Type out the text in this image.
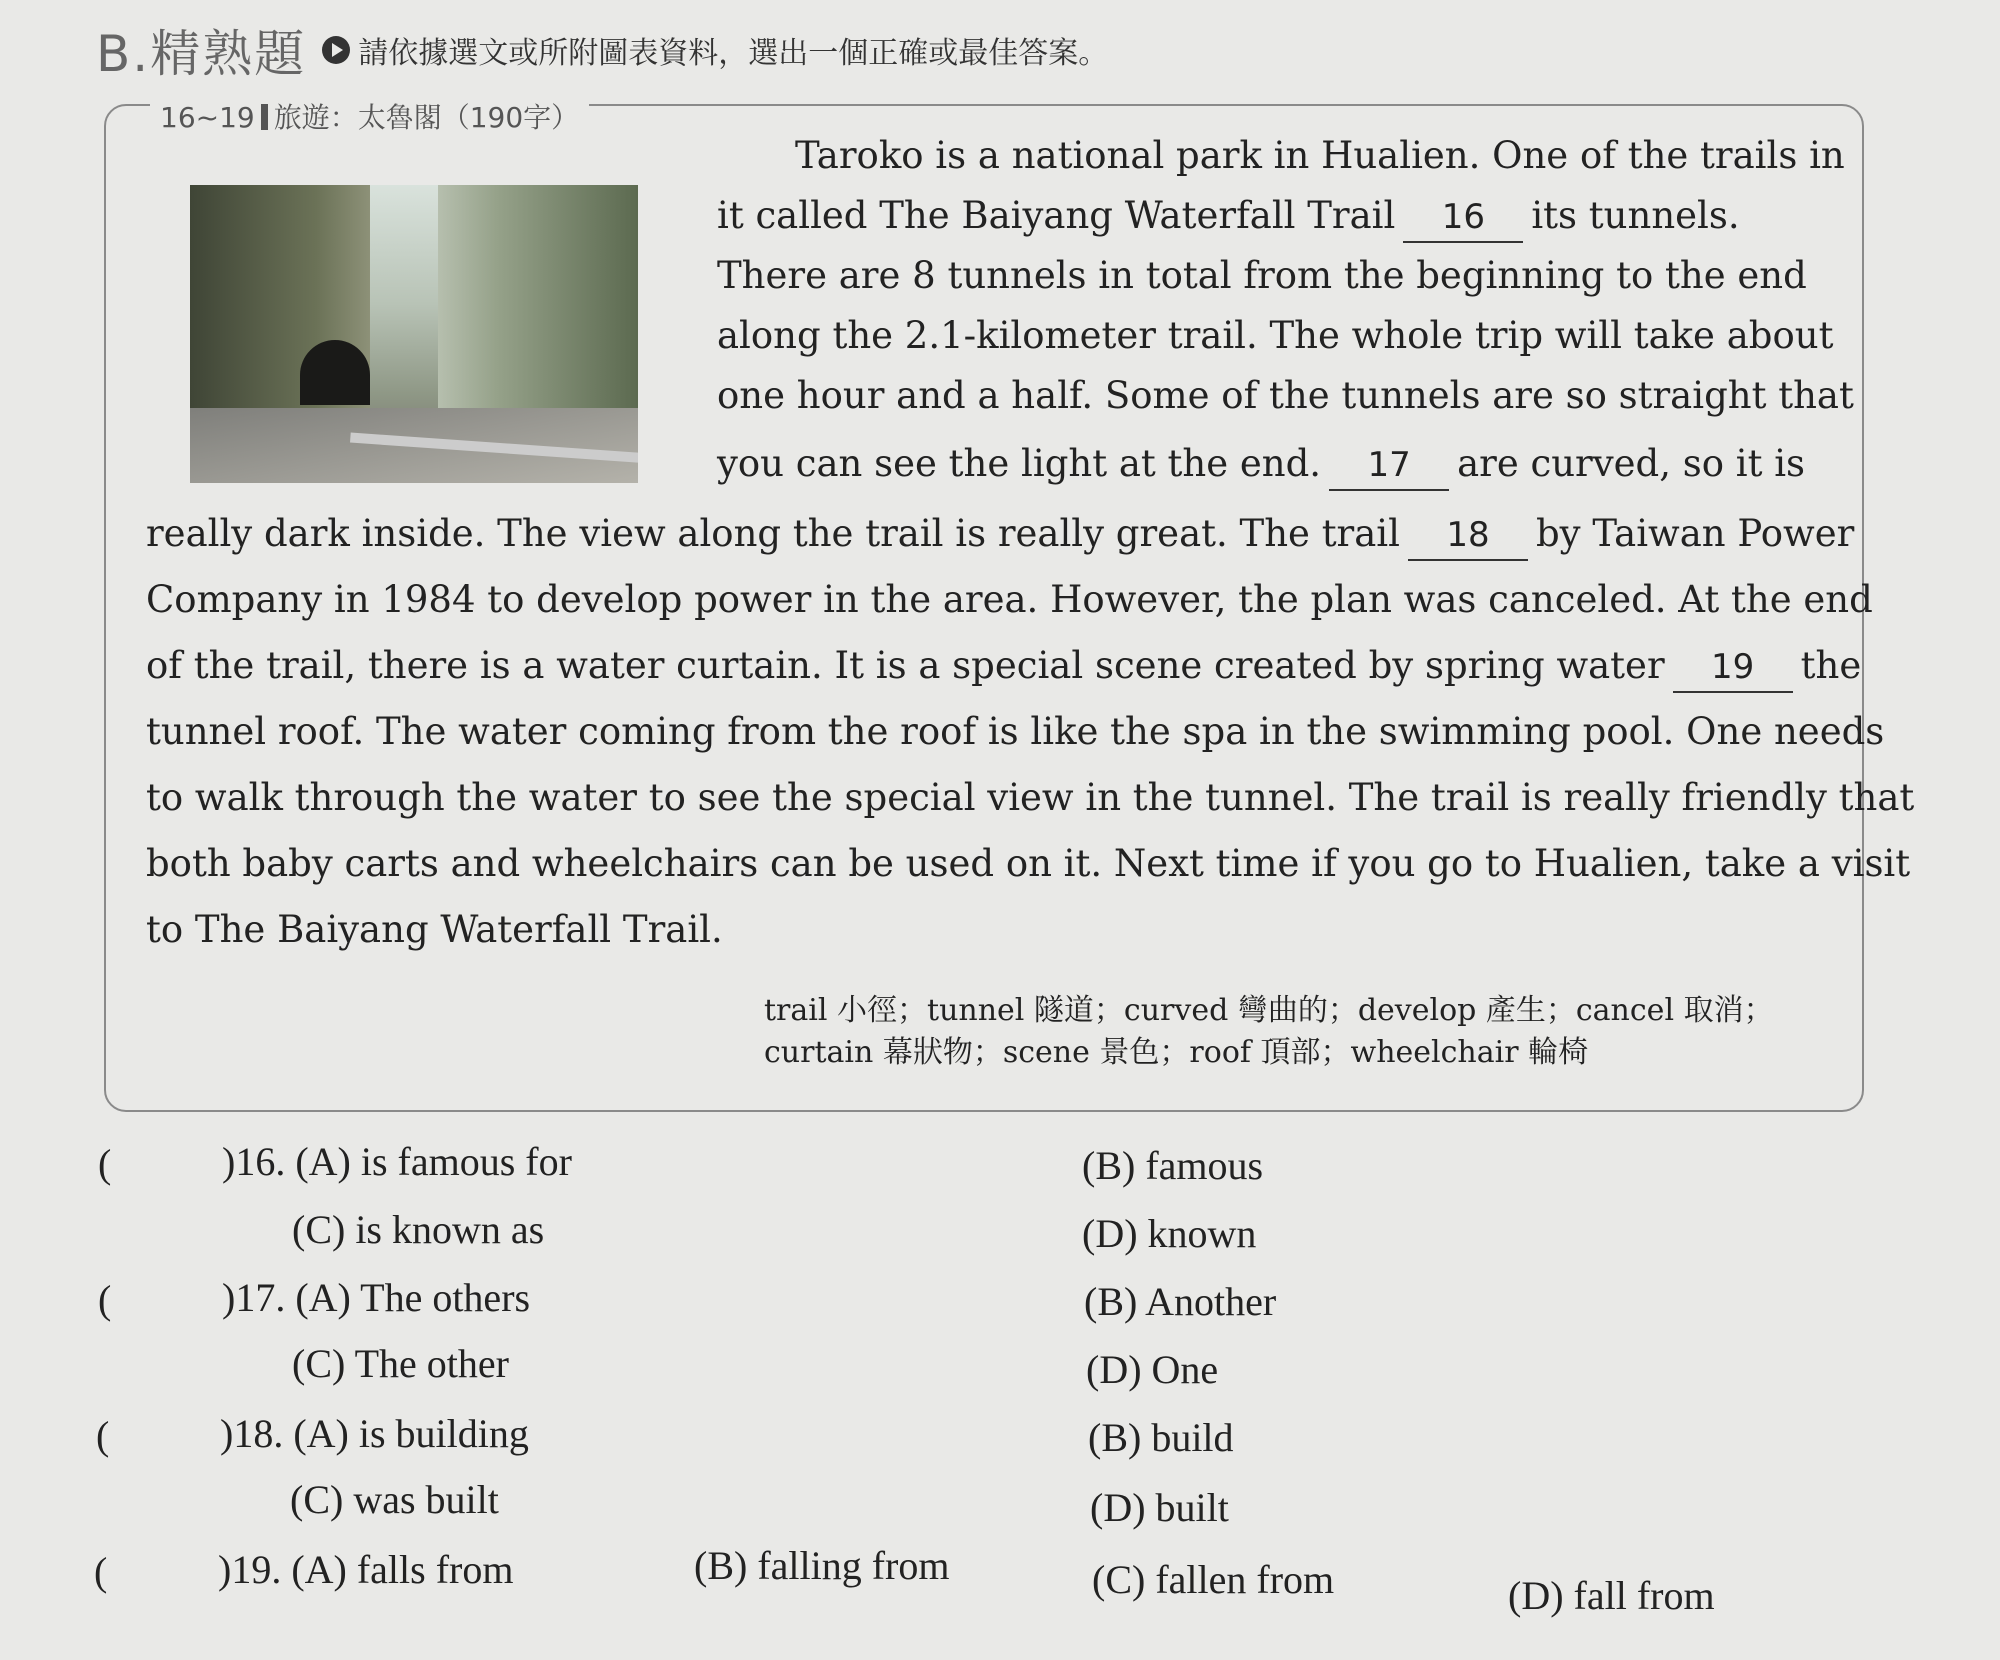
B.精熟題 請依據選文或所附圖表資料，選出一個正確或最佳答案。
16~19 旅遊：太魯閣（190字）
Taroko is a national park in Hualien. One of the trails in
it called The Baiyang Waterfall Trail 16 its tunnels.
There are 8 tunnels in total from the beginning to the end
along the 2.1-kilometer trail. The whole trip will take about
one hour and a half. Some of the tunnels are so straight that
you can see the light at the end. 17 are curved, so it is
really dark inside. The view along the trail is really great. The trail 18 by Taiwan Power
Company in 1984 to develop power in the area. However, the plan was canceled. At the end
of the trail, there is a water curtain. It is a special scene created by spring water 19 the
tunnel roof. The water coming from the roof is like the spa in the swimming pool. One needs
to walk through the water to see the special view in the tunnel. The trail is really friendly that
both baby carts and wheelchairs can be used on it. Next time if you go to Hualien, take a visit
to The Baiyang Waterfall Trail.
trail 小徑；tunnel 隧道；curved 彎曲的；develop 產生；cancel 取消；
curtain 幕狀物；scene 景色；roof 頂部；wheelchair 輪椅
(	)16. (A) is famous for	(B) famous
(C) is known as	(D) known
(	)17. (A) The others	(B) Another
(C) The other	(D) One
(	)18. (A) is building	(B) build
(C) was built	(D) built
(	)19. (A) falls from	(B) falling from	(C) fallen from	(D) fall from
